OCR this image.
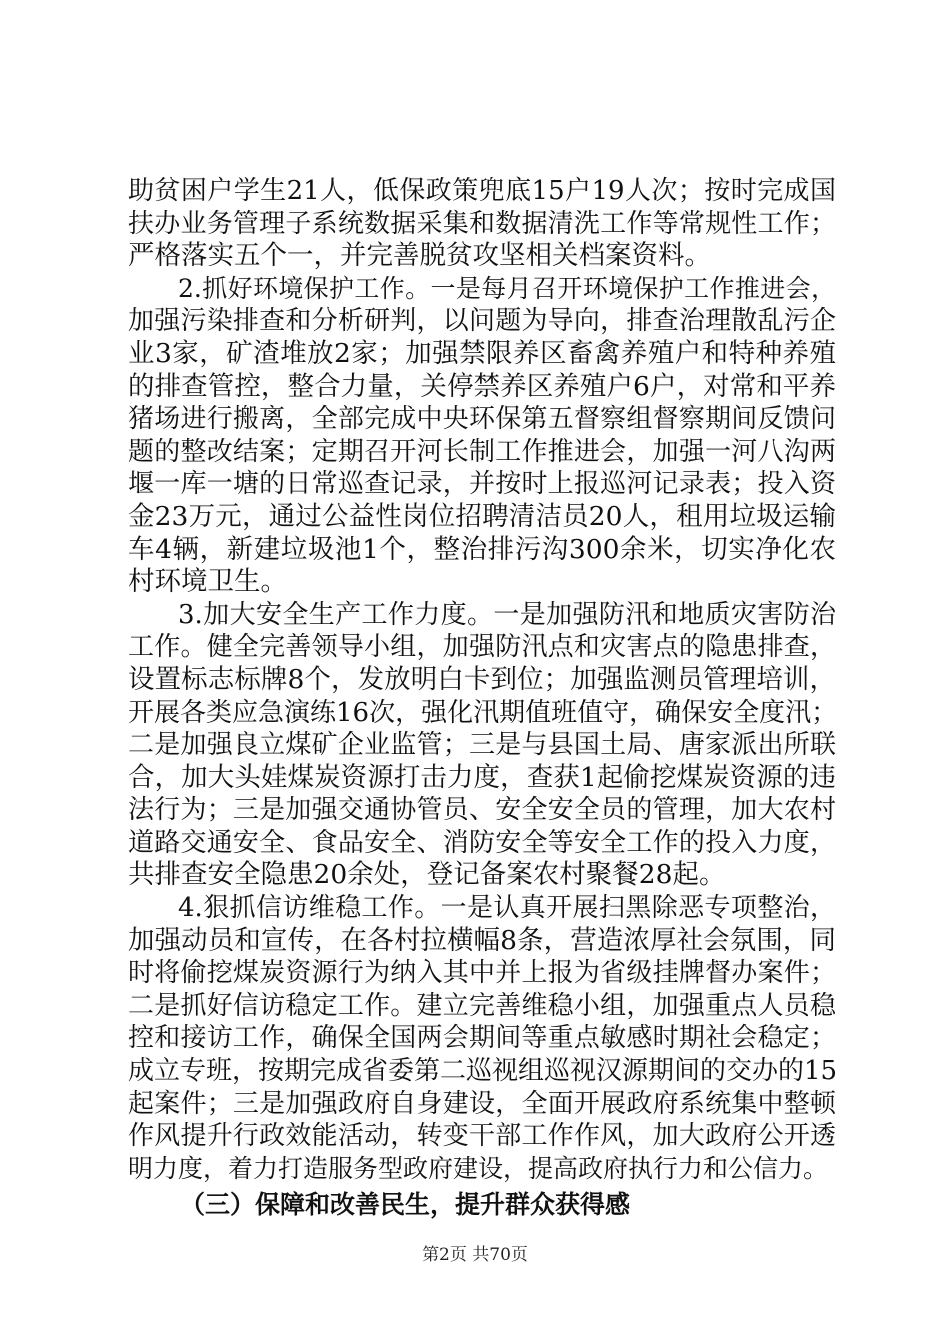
助贫困户学生21人，低保政策兜底15户19人次；按时完成国
扶办业务管理子系统数据采集和数据清洗工作等常规性工作；
严格落实五个一，并完善脱贫攻坚相关档案资料。
2.抓好环境保护工作。一是每月召开环境保护工作推进会，
加强污染排查和分析研判，以问题为导向，排查治理散乱污企
业3家，矿渣堆放2家；加强禁限养区畜禽养殖户和特种养殖
的排查管控，整合力量，关停禁养区养殖户6户，对常和平养
猪场进行搬离，全部完成中央环保第五督察组督察期间反馈问
题的整改结案；定期召开河长制工作推进会，加强一河八沟两
堰一库一塘的日常巡查记录，并按时上报巡河记录表；投入资
金23万元，通过公益性岗位招聘清洁员20人，租用垃圾运输
车4辆，新建垃圾池1个，整治排污沟300余米，切实净化农
村环境卫生。
3.加大安全生产工作力度。一是加强防汛和地质灾害防治
工作。健全完善领导小组，加强防汛点和灾害点的隐患排查，
设置标志标牌8个，发放明白卡到位；加强监测员管理培训，
开展各类应急演练16次，强化汛期值班值守，确保安全度汛；
二是加强良立煤矿企业监管；三是与县国土局、唐家派出所联
合，加大头娃煤炭资源打击力度，查获1起偷挖煤炭资源的违
法行为；三是加强交通协管员、安全安全员的管理，加大农村
道路交通安全、食品安全、消防安全等安全工作的投入力度，
共排查安全隐患20余处，登记备案农村聚餐28起。
4.狠抓信访维稳工作。一是认真开展扫黑除恶专项整治，
加强动员和宣传，在各村拉横幅8条，营造浓厚社会氛围，同
时将偷挖煤炭资源行为纳入其中并上报为省级挂牌督办案件；
二是抓好信访稳定工作。建立完善维稳小组，加强重点人员稳
控和接访工作，确保全国两会期间等重点敏感时期社会稳定；
成立专班，按期完成省委第二巡视组巡视汉源期间的交办的15
起案件；三是加强政府自身建设，全面开展政府系统集中整顿
作风提升行政效能活动，转变干部工作作风，加大政府公开透
明力度，着力打造服务型政府建设，提高政府执行力和公信力。
（三）保障和改善民生，提升群众获得感
第2页 共70页
